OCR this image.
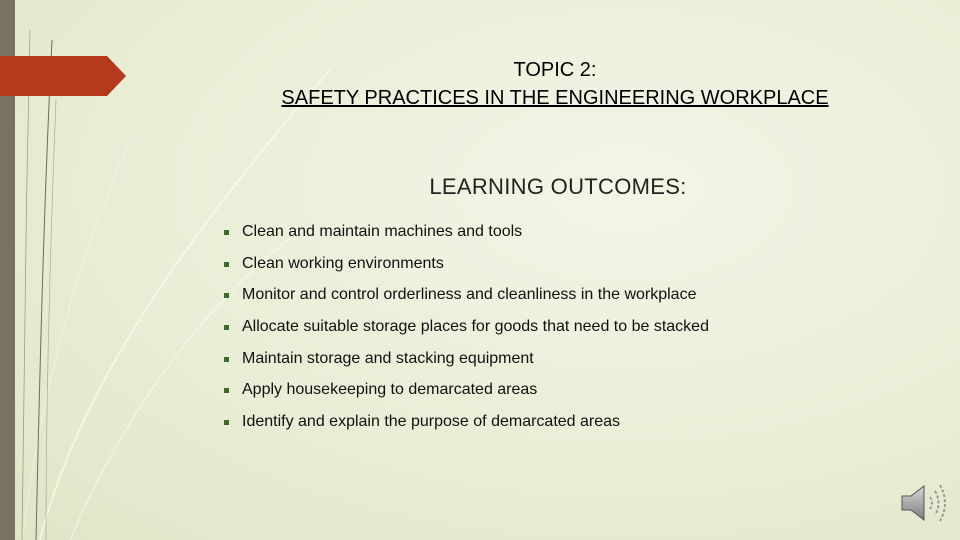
TOPIC 2:
SAFETY PRACTICES IN THE ENGINEERING WORKPLACE
LEARNING OUTCOMES:
Clean and maintain machines and tools
Clean working environments
Monitor and control orderliness and cleanliness in the workplace
Allocate suitable storage places for goods that need to be stacked
Maintain storage and stacking equipment
Apply housekeeping to demarcated areas
Identify and explain the purpose of demarcated areas
